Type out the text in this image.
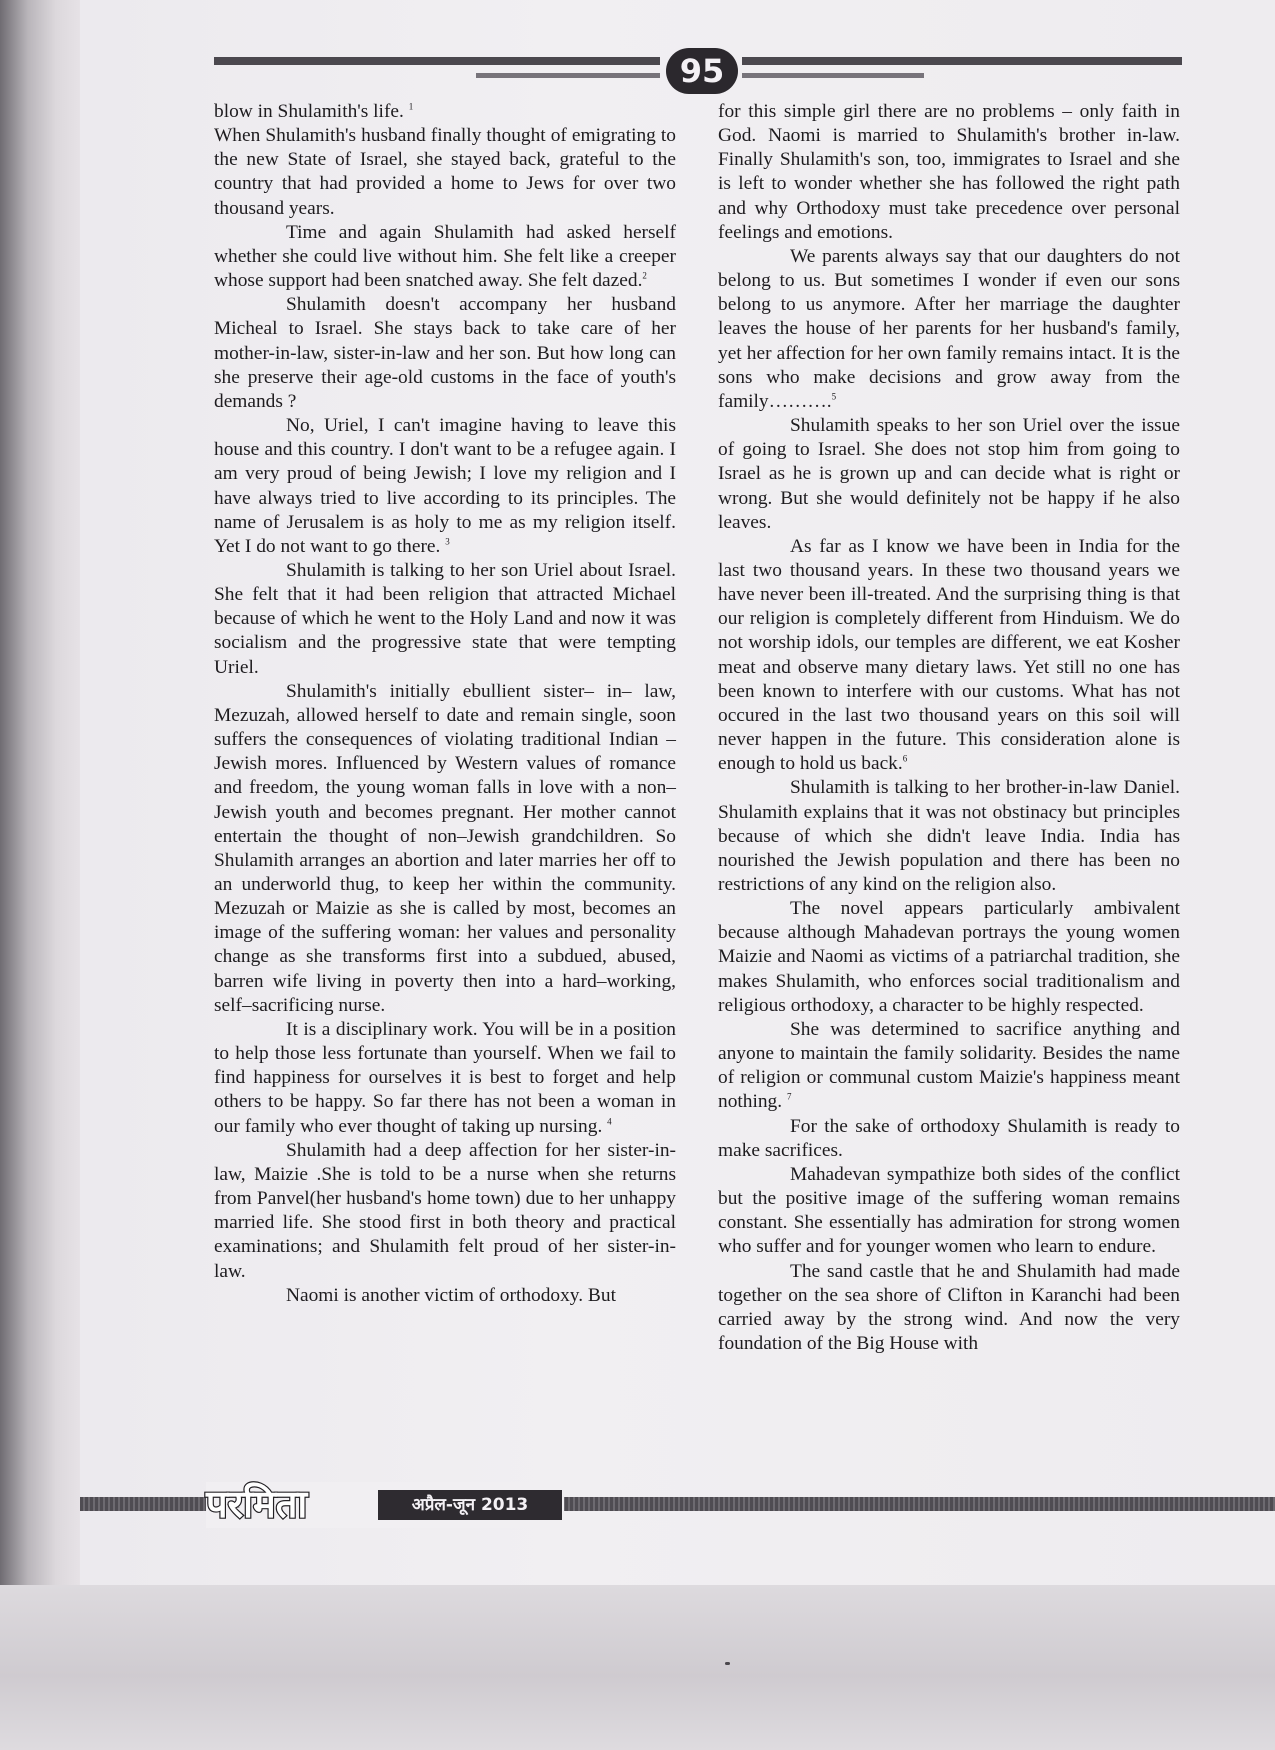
95

blow in Shulamith's life. $^1$

When Shulamith's husband finally thought of emigrating to the new State of Israel, she stayed back, grateful to the country that had provided a home to Jews for over two thousand years.

Time and again Shulamith had asked herself whether she could live without him. She felt like a creeper whose support had been snatched away. She felt dazed.$^2$

Shulamith doesn't accompany her husband Micheal to Israel. She stays back to take care of her mother-in-law, sister-in-law and her son. But how long can she preserve their age-old customs in the face of youth's demands ?

No, Uriel, I can't imagine having to leave this house and this country. I don't want to be a refugee again. I am very proud of being Jewish; I love my religion and I have always tried to live according to its principles. The name of Jerusalem is as holy to me as my religion itself. Yet I do not want to go there. $^3$

Shulamith is talking to her son Uriel about Israel. She felt that it had been religion that attracted Michael because of which he went to the Holy Land and now it was socialism and the progressive state that were tempting Uriel.

Shulamith's initially ebullient sister– in– law, Mezuzah, allowed herself to date and remain single, soon suffers the consequences of violating traditional Indian – Jewish mores. Influenced by Western values of romance and freedom, the young woman falls in love with a non–Jewish youth and becomes pregnant. Her mother cannot entertain the thought of non–Jewish grandchildren. So Shulamith arranges an abortion and later marries her off to an underworld thug, to keep her within the community. Mezuzah or Maizie as she is called by most, becomes an image of the suffering woman: her values and personality change as she transforms first into a subdued, abused, barren wife living in poverty then into a hard–working, self–sacrificing nurse.

It is a disciplinary work. You will be in a position to help those less fortunate than yourself. When we fail to find happiness for ourselves it is best to forget and help others to be happy. So far there has not been a woman in our family who ever thought of taking up nursing. $^4$

Shulamith had a deep affection for her sister-in-law, Maizie .She is told to be a nurse when she returns from Panvel(her husband's home town) due to her unhappy married life. She stood first in both theory and practical examinations; and Shulamith felt proud of her sister-in- law.

Naomi is another victim of orthodoxy. But

for this simple girl there are no problems – only faith in God. Naomi is married to Shulamith's brother in-law. Finally Shulamith's son, too, immigrates to Israel and she is left to wonder whether she has followed the right path and why Orthodoxy must take precedence over personal feelings and emotions.

We parents always say that our daughters do not belong to us. But sometimes I wonder if even our sons belong to us anymore. After her marriage the daughter leaves the house of her parents for her husband's family, yet her affection for her own family remains intact. It is the sons who make decisions and grow away from the family……….$^5$

Shulamith speaks to her son Uriel over the issue of going to Israel. She does not stop him from going to Israel as he is grown up and can decide what is right or wrong. But she would definitely not be happy if he also leaves.

As far as I know we have been in India for the last two thousand years. In these two thousand years we have never been ill-treated. And the surprising thing is that our religion is completely different from Hinduism. We do not worship idols, our temples are different, we eat Kosher meat and observe many dietary laws. Yet still no one has been known to interfere with our customs. What has not occured in the last two thousand years on this soil will never happen in the future. This consideration alone is enough to hold us back.$^6$

Shulamith is talking to her brother-in-law Daniel. Shulamith explains that it was not obstinacy but principles because of which she didn't leave India. India has nourished the Jewish population and there has been no restrictions of any kind on the religion also.

The novel appears particularly ambivalent because although Mahadevan portrays the young women Maizie and Naomi as victims of a patriarchal tradition, she makes Shulamith, who enforces social traditionalism and religious orthodoxy, a character to be highly respected.

She was determined to sacrifice anything and anyone to maintain the family solidarity. Besides the name of religion or communal custom Maizie's happiness meant nothing. $^7$

For the sake of orthodoxy Shulamith is ready to make sacrifices.

Mahadevan sympathize both sides of the conflict but the positive image of the suffering woman remains constant. She essentially has admiration for strong women who suffer and for younger women who learn to endure.

The sand castle that he and Shulamith had made together on the sea shore of Clifton in Karanchi had been carried away by the strong wind. And now the very foundation of the Big House with

परमिता	अप्रैल-जून 2013
